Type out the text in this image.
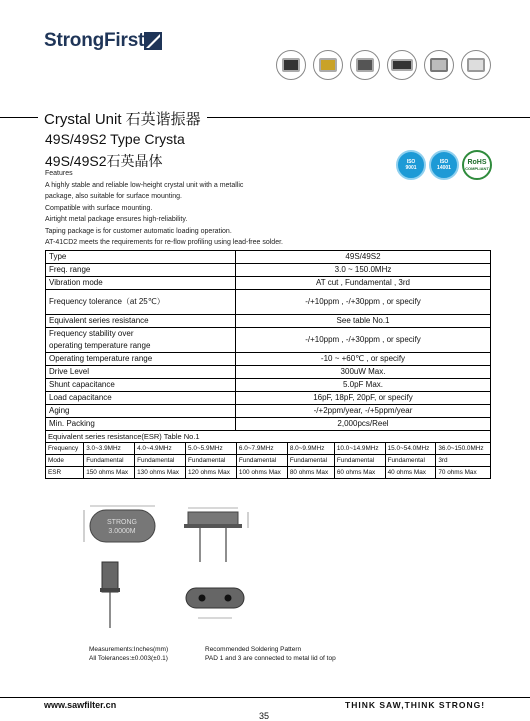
StrongFirst
Crystal Unit 石英谐振器
49S/49S2 Type Crysta
49S/49S2石英晶体	ISO
9001
ISO
14001
RoHS
COMPLIANT
Features
A highly stable and reliable low-height crystal unit with a metallic
package, also suitable for surface mounting.
Compatible with surface mounting.
Airtight metal package ensures high-reliability.
Taping package is for customer automatic loading operation.
AT-41CD2 meets the requirements for re-flow profiling using lead-free solder.
Type	49S/49S2
Freq. range	3.0 ~ 150.0MHz
Vibration mode	AT cut , Fundamental , 3rd
Frequency tolerance（at 25℃）	-/+10ppm , -/+30ppm , or specify
Equivalent series resistance	See table No.1

Frequency stability over
operating temperature range	-/+10ppm , -/+30ppm , or specify
Operating temperature range	-10 ~ +60℃ , or specify
Drive Level	300uW Max.
Shunt capacitance	5.0pF Max.
Load capacitance	16pF, 18pF, 20pF, or specify
Aging	-/+2ppm/year, -/+5ppm/year
Min. Packing	2,000pcs/Reel
Equivalent series resistance(ESR) Table No.1								
Frequency	3.0~3.9MHz	4.0~4.9MHz	5.0~5.9MHz	6.0~7.9MHz	8.0~9.9MHz	10.0~14.9MHz	15.0~54.0MHz	36.0~150.0MHz
Mode	Fundamental	Fundamental	Fundamental	Fundamental	Fundamental	Fundamental	Fundamental	3rd
ESR	150 ohms Max	130 ohms Max	120 ohms Max	100 ohms Max	80 ohms Max	60 ohms Max	40 ohms Max	70 ohms Max
STRONG
3.0000M
Measurements:Inches(mm)
All Tolerances:±0.003(±0.1)
Recommended Soldering Pattern
PAD 1 and 3 are connected to metal lid of top
www.sawfilter.cn	THINK SAW,THINK STRONG!
35
